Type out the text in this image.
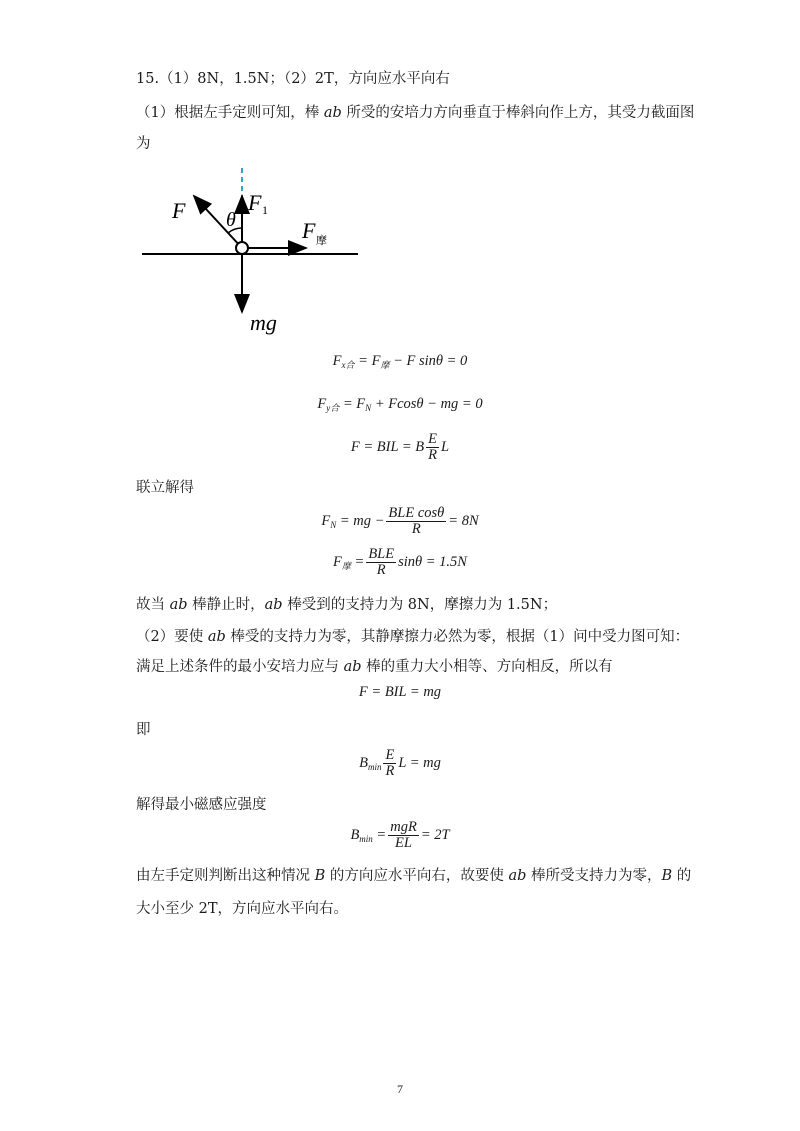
15.（1）8N，1.5N；（2）2T，方向应水平向右
（1）根据左手定则可知，棒 ab 所受的安培力方向垂直于棒斜向作上方，其受力截面图
为
F θ
F 1
F 摩
mg
$F_{x合} = F_摩 - F$ sinθ = 0
$F_{y合} = F_N + Fcos\theta$ − mg = 0
F = BIL = B $\frac{E}{R}$ L
联立解得
$F_N$ = mg − $\frac{\text{BLE cosθ}}{R} = 8N$
$F_摩 = \frac{\text{BLE}}{R}$ sinθ = 1.5N
故当 ab 棒静止时，ab 棒受到的支持力为 8N，摩擦力为 1.5N；
（2）要使 ab 棒受的支持力为零，其静摩擦力必然为零，根据（1）问中受力图可知：
满足上述条件的最小安培力应与 ab 棒的重力大小相等、方向相反，所以有
F = BIL = mg
即
$B_{min} \frac{E}{R}$ L = mg
解得最小磁感应强度
$B_{min} = \frac{\text{mgR}}{EL} = 2T$
由左手定则判断出这种情况 B 的方向应水平向右，故要使 ab 棒所受支持力为零，B 的
大小至少 2T，方向应水平向右。
7
